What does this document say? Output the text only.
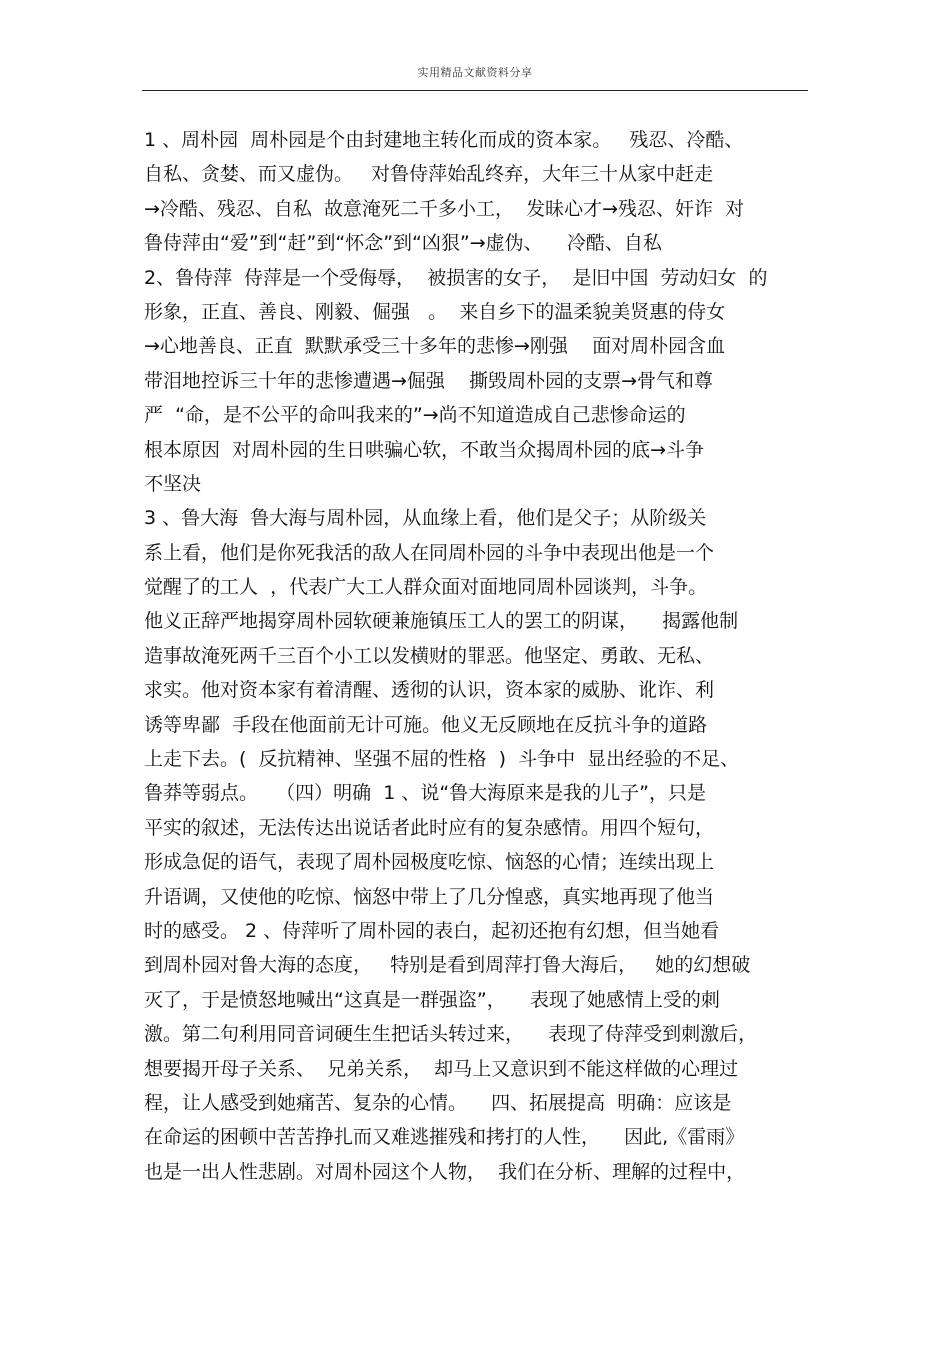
实用精品文献资料分享
1 、周朴园  周朴园是个由封建地主转化而成的资本家。   残忍、冷酷、
自私、贪婪、而又虚伪。   对鲁侍萍始乱终弃，大年三十从家中赶走
→冷酷、残忍、自私  故意淹死二千多小工，  发昧心才→残忍、奸诈  对
鲁侍萍由“爱”到“赶”到“怀念”到“凶狠”→虚伪、    冷酷、自私
2、鲁侍萍  侍萍是一个受侮辱，  被损害的女子，  是旧中国  劳动妇女  的
形象，正直、善良、刚毅、倔强   。  来自乡下的温柔貌美贤惠的侍女
→心地善良、正直  默默承受三十多年的悲惨→刚强    面对周朴园含血
带泪地控诉三十年的悲惨遭遇→倔强    撕毁周朴园的支票→骨气和尊
严  “命，是不公平的命叫我来的”→尚不知道造成自己悲惨命运的
根本原因  对周朴园的生日哄骗心软，不敢当众揭周朴园的底→斗争
不坚决
3 、鲁大海  鲁大海与周朴园，从血缘上看，他们是父子；从阶级关
系上看，他们是你死我活的敌人在同周朴园的斗争中表现出他是一个
觉醒了的工人  ，代表广大工人群众面对面地同周朴园谈判，斗争。
他义正辞严地揭穿周朴园软硬兼施镇压工人的罢工的阴谋，    揭露他制
造事故淹死两千三百个小工以发横财的罪恶。他坚定、勇敢、无私、
求实。他对资本家有着清醒、透彻的认识，资本家的威胁、讹诈、利
诱等卑鄙  手段在他面前无计可施。他义无反顾地在反抗斗争的道路
上走下去。(  反抗精神、坚强不屈的性格  )  斗争中  显出经验的不足、
鲁莽等弱点。   （四）明确  1 、说“鲁大海原来是我的儿子”，只是
平实的叙述，无法传达出说话者此时应有的复杂感情。用四个短句，
形成急促的语气，表现了周朴园极度吃惊、恼怒的心情；连续出现上
升语调，又使他的吃惊、恼怒中带上了几分惶惑，真实地再现了他当
时的感受。 2 、侍萍听了周朴园的表白，起初还抱有幻想，但当她看
到周朴园对鲁大海的态度，   特别是看到周萍打鲁大海后，   她的幻想破
灭了，于是愤怒地喊出“这真是一群强盗”，    表现了她感情上受的刺
激。第二句利用同音词硬生生把话头转过来，    表现了侍萍受到刺激后，
想要揭开母子关系、  兄弟关系，  却马上又意识到不能这样做的心理过
程，让人感受到她痛苦、复杂的心情。    四、拓展提高  明确：应该是
在命运的困顿中苦苦挣扎而又难逃摧残和拷打的人性，    因此,《雷雨》
也是一出人性悲剧。对周朴园这个人物，  我们在分析、理解的过程中，
